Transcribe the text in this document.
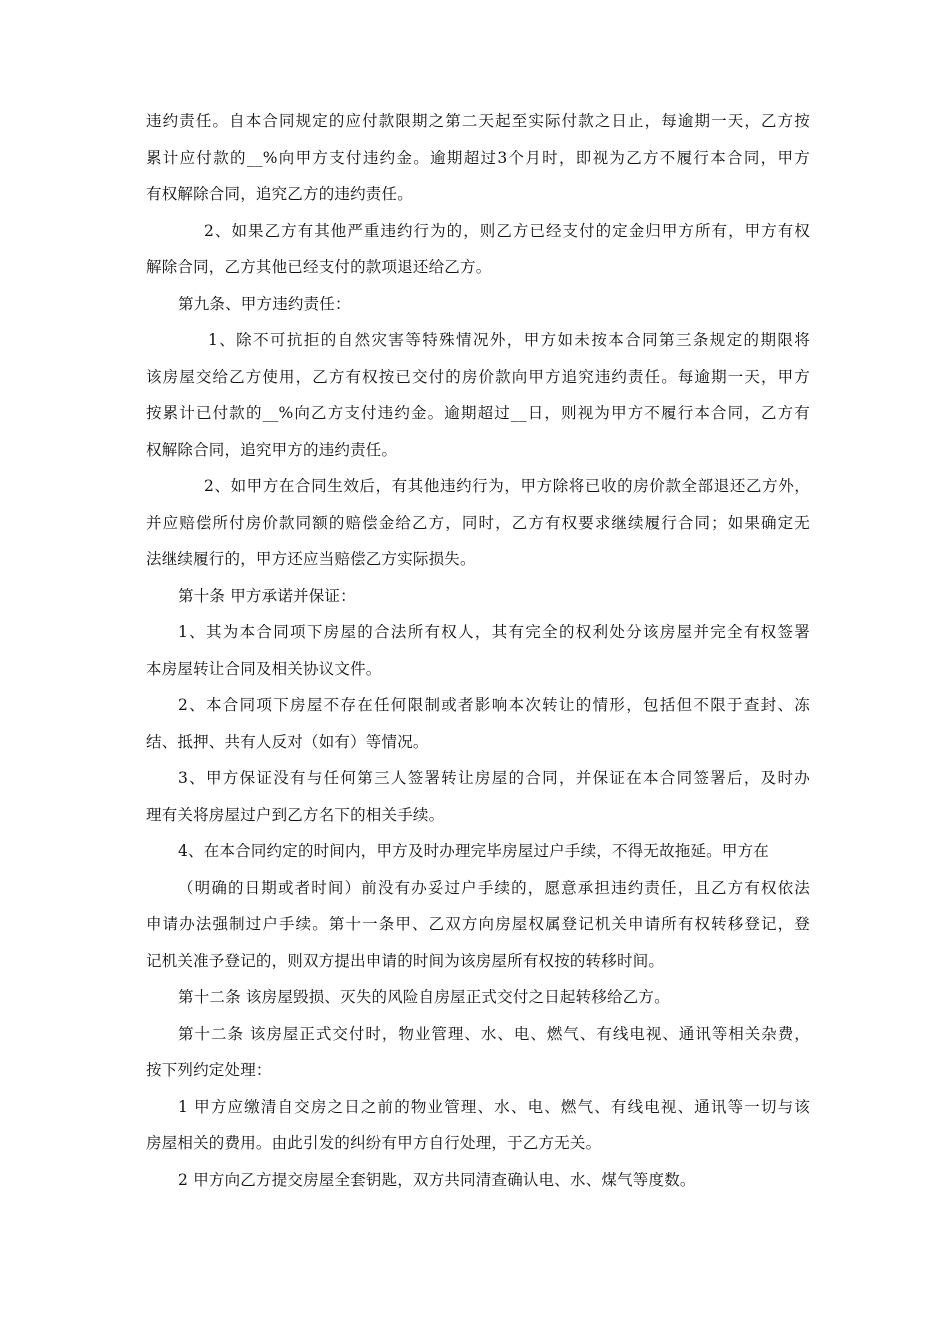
违约责任。自本合同规定的应付款限期之第二天起至实际付款之日止，每逾期一天，乙方按
累计应付款的__%向甲方支付违约金。逾期超过3个月时，即视为乙方不履行本合同，甲方
有权解除合同，追究乙方的违约责任。
2、如果乙方有其他严重违约行为的，则乙方已经支付的定金归甲方所有，甲方有权
解除合同，乙方其他已经支付的款项退还给乙方。
第九条、甲方违约责任：
1、除不可抗拒的自然灾害等特殊情况外，甲方如未按本合同第三条规定的期限将
该房屋交给乙方使用，乙方有权按已交付的房价款向甲方追究违约责任。每逾期一天，甲方
按累计已付款的__%向乙方支付违约金。逾期超过__日，则视为甲方不履行本合同，乙方有
权解除合同，追究甲方的违约责任。
2、如甲方在合同生效后，有其他违约行为，甲方除将已收的房价款全部退还乙方外，
并应赔偿所付房价款同额的赔偿金给乙方，同时，乙方有权要求继续履行合同；如果确定无
法继续履行的，甲方还应当赔偿乙方实际损失。
第十条 甲方承诺并保证：
1、其为本合同项下房屋的合法所有权人，其有完全的权利处分该房屋并完全有权签署
本房屋转让合同及相关协议文件。
2、本合同项下房屋不存在任何限制或者影响本次转让的情形，包括但不限于查封、冻
结、抵押、共有人反对（如有）等情况。
3、甲方保证没有与任何第三人签署转让房屋的合同，并保证在本合同签署后，及时办
理有关将房屋过户到乙方名下的相关手续。
4、在本合同约定的时间内，甲方及时办理完毕房屋过户手续，不得无故拖延。甲方在
（明确的日期或者时间）前没有办妥过户手续的，愿意承担违约责任，且乙方有权依法
申请办法强制过户手续。第十一条甲、乙双方向房屋权属登记机关申请所有权转移登记，登
记机关准予登记的，则双方提出申请的时间为该房屋所有权按的转移时间。
第十二条 该房屋毁损、灭失的风险自房屋正式交付之日起转移给乙方。
第十二条 该房屋正式交付时，物业管理、水、电、燃气、有线电视、通讯等相关杂费，
按下列约定处理：
1 甲方应缴清自交房之日之前的物业管理、水、电、燃气、有线电视、通讯等一切与该
房屋相关的费用。由此引发的纠纷有甲方自行处理，于乙方无关。
2 甲方向乙方提交房屋全套钥匙，双方共同清查确认电、水、煤气等度数。
